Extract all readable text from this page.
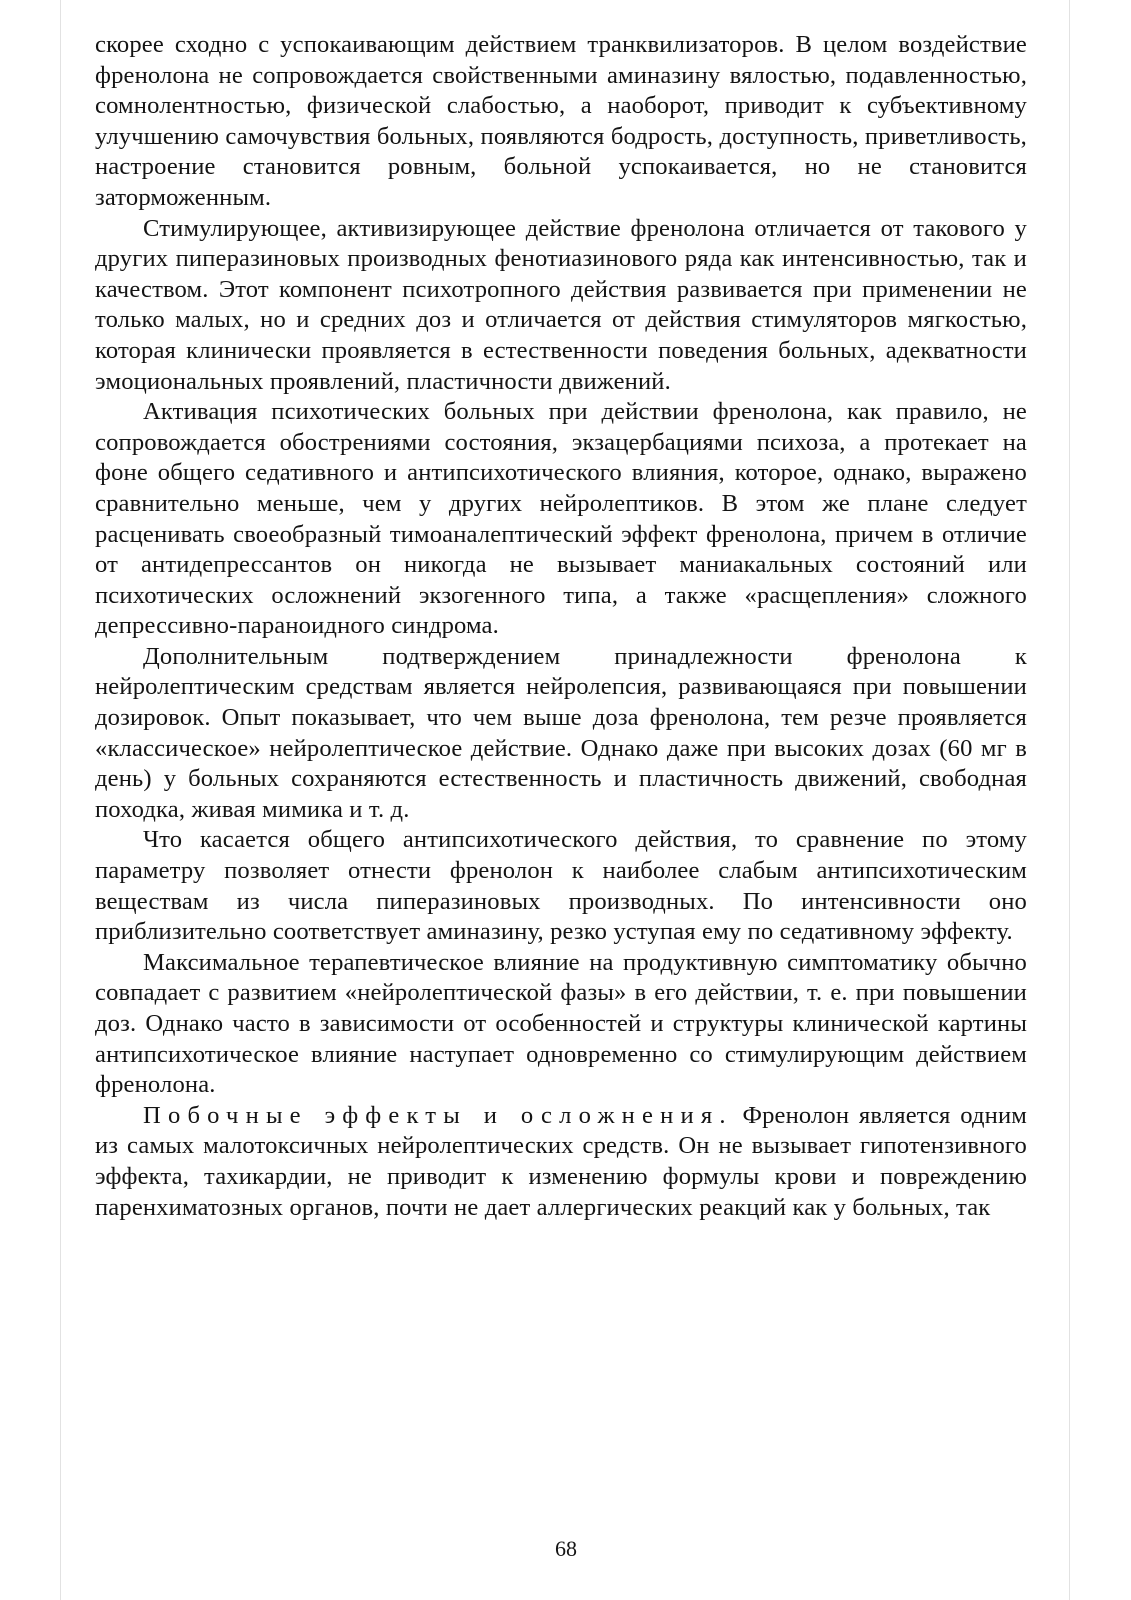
скорее сходно с успокаивающим действием транквилизаторов. В целом воздействие френолона не сопровождается свойственными аминазину вялостью, подавленностью, сомнолентностью, физической слабостью, а наоборот, приводит к субъективному улучшению самочувствия больных, появляются бодрость, доступность, приветливость, настроение становится ровным, больной успокаивается, но не становится заторможенным.

Стимулирующее, активизирующее действие френолона отличается от такового у других пиперазиновых производных фенотиазинового ряда как интенсивностью, так и качеством. Этот компонент психотропного действия развивается при применении не только малых, но и средних доз и отличается от действия стимуляторов мягкостью, которая клинически проявляется в естественности поведения больных, адекватности эмоциональных проявлений, пластичности движений.

Активация психотических больных при действии френолона, как правило, не сопровождается обострениями состояния, экзацербациями психоза, а протекает на фоне общего седативного и антипсихотического влияния, которое, однако, выражено сравнительно меньше, чем у других нейролептиков. В этом же плане следует расценивать своеобразный тимоаналептический эффект френолона, причем в отличие от антидепрессантов он никогда не вызывает маниакальных состояний или психотических осложнений экзогенного типа, а также «расщепления» сложного депрессивно-параноидного синдрома.

Дополнительным подтверждением принадлежности френолона к нейролептическим средствам является нейролепсия, развивающаяся при повышении дозировок. Опыт показывает, что чем выше доза френолона, тем резче проявляется «классическое» нейролептическое действие. Однако даже при высоких дозах (60 мг в день) у больных сохраняются естественность и пластичность движений, свободная походка, живая мимика и т. д.

Что касается общего антипсихотического действия, то сравнение по этому параметру позволяет отнести френолон к наиболее слабым антипсихотическим веществам из числа пиперазиновых производных. По интенсивности оно приблизительно соответствует аминазину, резко уступая ему по седативному эффекту.

Максимальное терапевтическое влияние на продуктивную симптоматику обычно совпадает с развитием «нейролептической фазы» в его действии, т. е. при повышении доз. Однако часто в зависимости от особенностей и структуры клинической картины антипсихотическое влияние наступает одновременно со стимулирующим действием френолона.

Побочные эффекты и осложнения. Френолон является одним из самых малотоксичных нейролептических средств. Он не вызывает гипотензивного эффекта, тахикардии, не приводит к изменению формулы крови и повреждению паренхиматозных органов, почти не дает аллергических реакций как у больных, так

68
